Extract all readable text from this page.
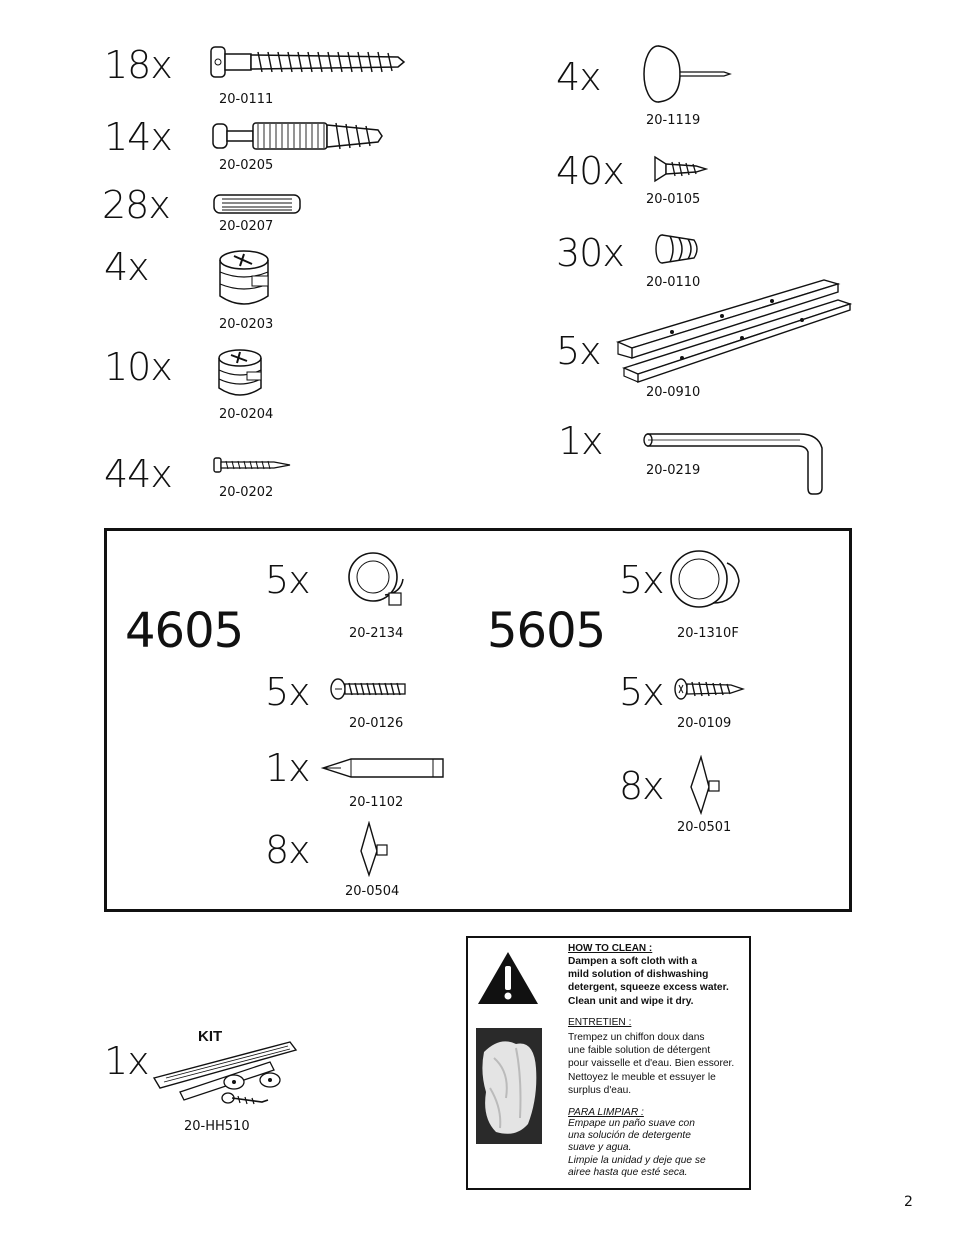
18x
20-0111
14x
20-0205
28x	20-0207
4x
20-0203
10x
20-0204
44x	20-0202
4x
20-1119
40x
20-0105
30x
20-0110
5x
20-0910
1x
20-0219
4605	5605
5x
20-2134
5x
20-0126
1x
20-1102
8x
20-0504
5x
20-1310F
5x
20-0109
8x
20-0501
1x
KIT
20-HH510
HOW TO CLEAN :
Dampen a soft cloth with a
mild solution of dishwashing
detergent, squeeze excess water.
Clean unit and wipe it dry.
ENTRETIEN :
Trempez un chiffon doux dans
une faible solution de détergent
pour vaisselle et d'eau. Bien essorer.
Nettoyez le meuble et essuyer le
surplus d'eau.
PARA LIMPIAR :
Empape un paño suave con
una solución de detergente
suave y agua.
Limpie la unidad y deje que se
airee hasta que esté seca.
2
